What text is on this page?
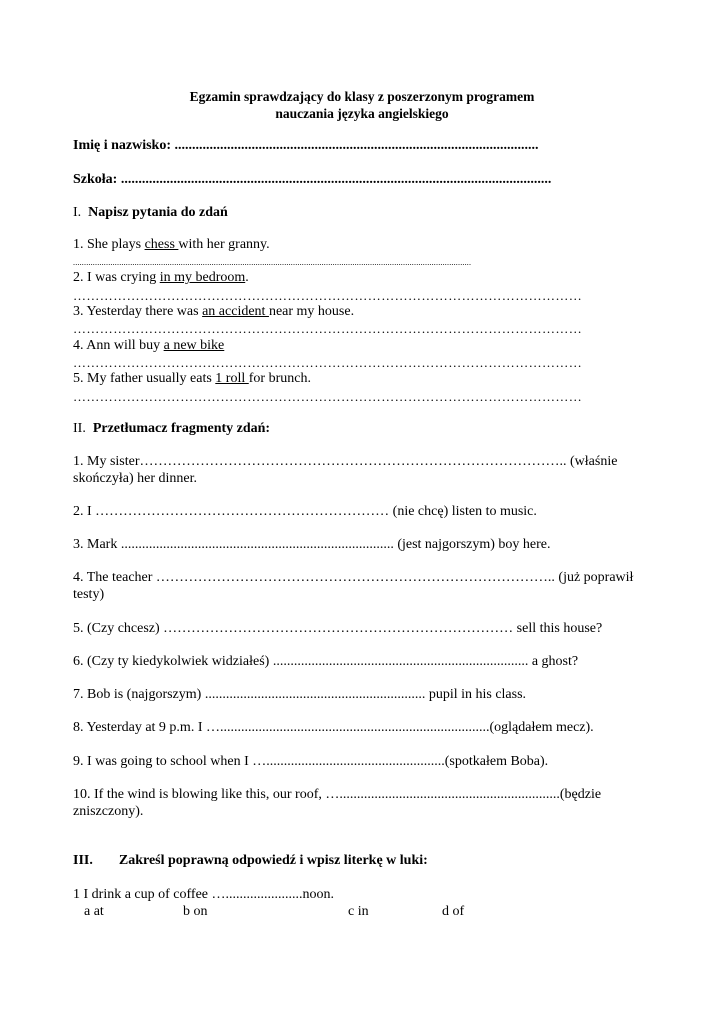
Egzamin sprawdzający do klasy z poszerzonym programem
nauczania języka angielskiego
Imię i nazwisko: ........................................................................................................
Szkoła: ...........................................................................................................................
I. Napisz pytania do zdań
1. She plays chess with her granny.
.....................................................................................................................................................................................
2. I was crying in my bedroom.
……………………………………………………………………………………………………
3. Yesterday there was an accident near my house.
……………………………………………………………………………………………………
4. Ann will buy a new bike
……………………………………………………………………………………………………
5. My father usually eats 1 roll for brunch.
……………………………………………………………………………………………………
II. Przetłumacz fragmenty zdań:
1. My sister……………………………………………………………………………….. (właśnie
skończyła) her dinner.
2. I ……………………………………………………… (nie chcę) listen to music.
3. Mark .............................................................................. (jest najgorszym) boy here.
4. The teacher ………………………………………………………………………….. (już poprawił
testy)
5. (Czy chcesz) ………………………………………………………………… sell this house?
6. (Czy ty kiedykolwiek widziałeś) ......................................................................... a ghost?
7. Bob is (najgorszym) ............................................................... pupil in his class.
8. Yesterday at 9 p.m. I ….............................................................................(oglądałem mecz).
9. I was going to school when I …...................................................(spotkałem Boba).
10. If the wind is blowing like this, our roof, …...............................................................(będzie
zniszczony).
III. Zakreśl poprawną odpowiedź i wpisz literkę w luki:
1 I drink a cup of coffee …......................noon.
a at	b on	c in	d of
